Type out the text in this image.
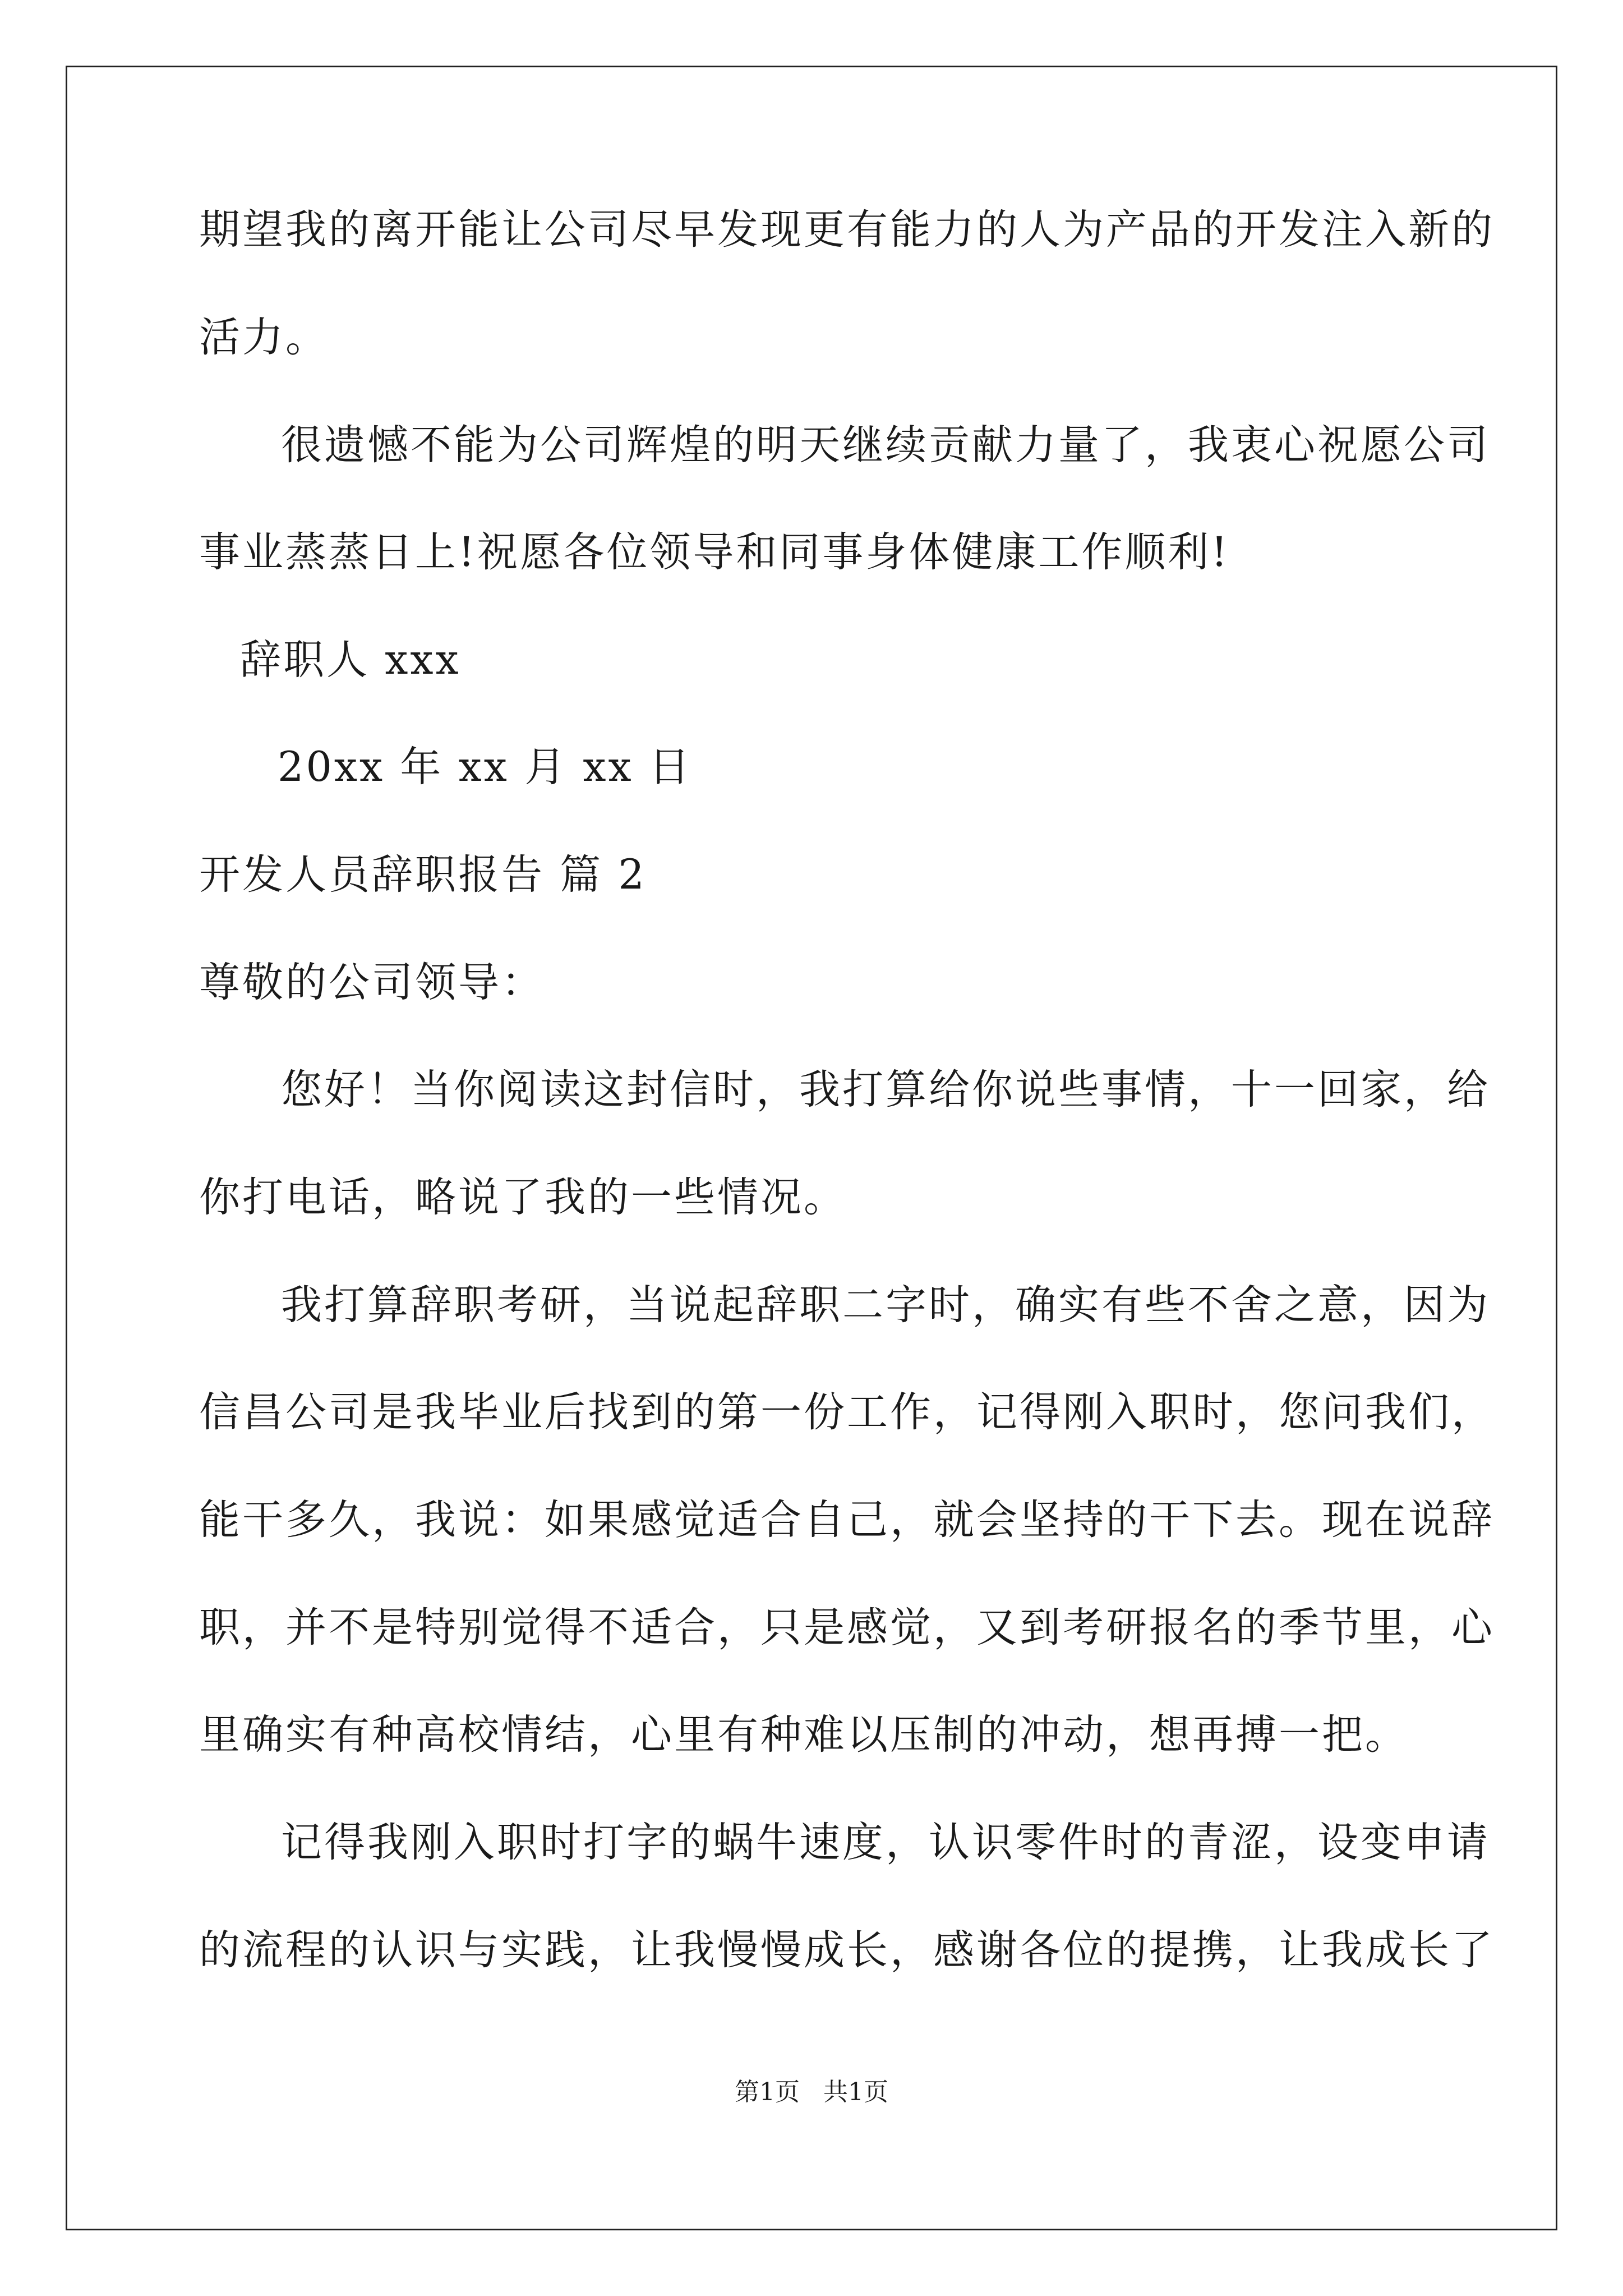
期望我的离开能让公司尽早发现更有能力的人为产品的开发注入新的
活力。
很遗憾不能为公司辉煌的明天继续贡献力量了，我衷心祝愿公司
事业蒸蒸日上!祝愿各位领导和同事身体健康工作顺利!
辞职人 xxx
20xx 年 xx 月 xx 日
开发人员辞职报告 篇 2
尊敬的公司领导：
您好！当你阅读这封信时，我打算给你说些事情，十一回家，给
你打电话，略说了我的一些情况。
我打算辞职考研，当说起辞职二字时，确实有些不舍之意，因为
信昌公司是我毕业后找到的第一份工作，记得刚入职时，您问我们，
能干多久，我说：如果感觉适合自己，就会坚持的干下去。现在说辞
职，并不是特别觉得不适合，只是感觉，又到考研报名的季节里，心
里确实有种高校情结，心里有种难以压制的冲动，想再搏一把。
记得我刚入职时打字的蜗牛速度，认识零件时的青涩，设变申请
的流程的认识与实践，让我慢慢成长，感谢各位的提携，让我成长了
第1页   共1页
